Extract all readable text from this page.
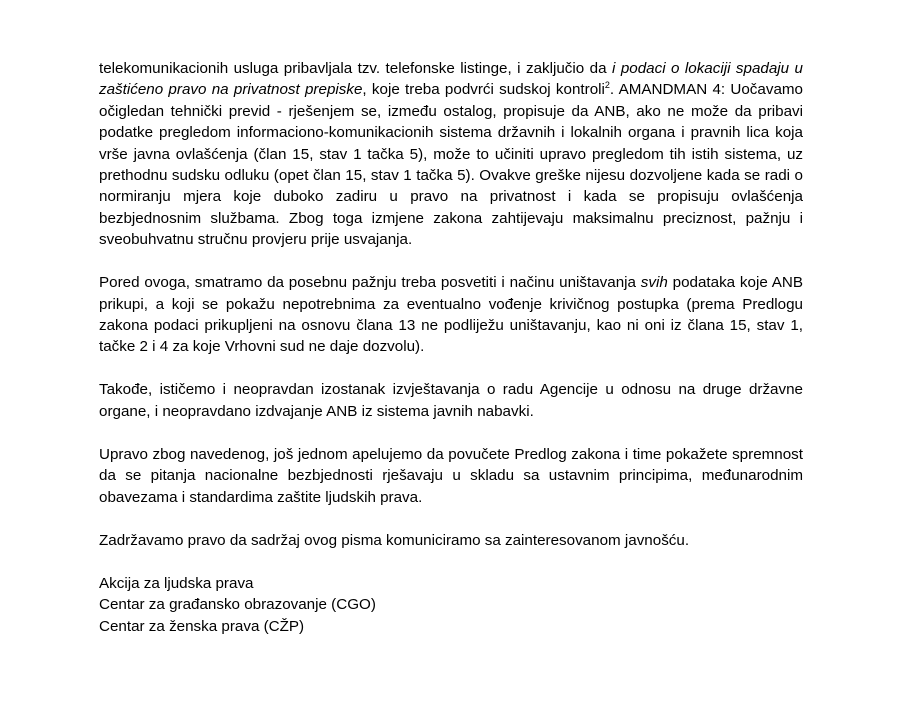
telekomunikacionih usluga pribavljala tzv. telefonske listinge, i zaključio da i podaci o lokaciji spadaju u zaštićeno pravo na privatnost prepiske, koje treba podvrći sudskoj kontroli$^2$. AMANDMAN 4: Uočavamo očigledan tehnički previd - rješenjem se, između ostalog, propisuje da ANB, ako ne može da pribavi podatke pregledom informaciono-komunikacionih sistema državnih i lokalnih organa i pravnih lica koja vrše javna ovlašćenja (član 15, stav 1 tačka 5), može to učiniti upravo pregledom tih istih sistema, uz prethodnu sudsku odluku (opet član 15, stav 1 tačka 5). Ovakve greške nijesu dozvoljene kada se radi o normiranju mjera koje duboko zadiru u pravo na privatnost i kada se propisuju ovlašćenja bezbjednosnim službama. Zbog toga izmjene zakona zahtijevaju maksimalnu preciznost, pažnju i sveobuhvatnu stručnu provjeru prije usvajanja.

Pored ovoga, smatramo da posebnu pažnju treba posvetiti i načinu uništavanja svih podataka koje ANB prikupi, a koji se pokažu nepotrebnima za eventualno vođenje krivičnog postupka (prema Predlogu zakona podaci prikupljeni na osnovu člana 13 ne podliježu uništavanju, kao ni oni iz člana 15, stav 1, tačke 2 i 4 za koje Vrhovni sud ne daje dozvolu).

Takođe, ističemo i neopravdan izostanak izvještavanja o radu Agencije u odnosu na druge državne organe, i neopravdano izdvajanje ANB iz sistema javnih nabavki.

Upravo zbog navedenog, još jednom apelujemo da povučete Predlog zakona i time pokažete spremnost da se pitanja nacionalne bezbjednosti rješavaju u skladu sa ustavnim principima, međunarodnim obavezama i standardima zaštite ljudskih prava.

Zadržavamo pravo da sadržaj ovog pisma komuniciramo sa zainteresovanom javnošću.

Akcija za ljudska prava
Centar za građansko obrazovanje (CGO)
Centar za ženska prava (CŽP)
